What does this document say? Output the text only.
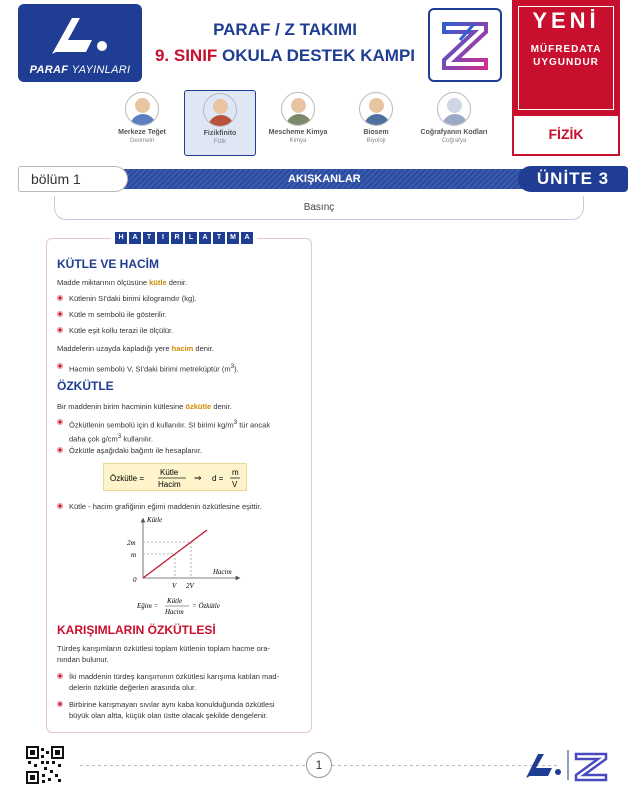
PARAF YAYINLARI
PARAF / Z TAKIMI
9. SINIF OKULA DESTEK KAMPI
YENİ
MÜFREDATA
UYGUNDUR
FİZİK
Merkeze Teğet
Geometri
Fizikfinito
Fizik
Mescheme Kimya
Kimya
Biosem
Biyoloji
Coğrafyanın Kodları
Coğrafya
bölüm 1	AKIŞKANLAR	ÜNİTE 3
Basınç
H	A	T	I	R	L	A	T	M	A
KÜTLE VE HACİM
Madde miktarının ölçüsüne kütle denir.
Kütlenin SI'daki birimi kilogramdır (kg).
Kütle m sembolü ile gösterilir.
Kütle eşit kollu terazi ile ölçülür.
Maddelerin uzayda kapladığı yere hacim denir.
Hacmin sembolü V, SI'daki birimi metreküptür $(m^3)$.
ÖZKÜTLE
Bir maddenin birim hacminin kütlesine özkütle denir.
Özkütlenin sembolü için d kullanılır. SI birimi $kg/m^3$ tür ancak
daha çok $g/cm^3$ kullanılır.
Özkütle aşağıdaki bağıntı ile hesaplanır.
Özkütle =
Kütle
Hacim
⇒ d =
m
V
Kütle - hacim grafiğinin eğimi maddenin özkütlesine eşittir.
Kütle
Hacim
2m
m
0
V 2V
Eğim =
Kütle
Hacim
= Özkütle
KARIŞIMLARIN ÖZKÜTLESİ
Türdeş karışımların özkütlesi toplam kütlenin toplam hacme ora-
nından bulunur.
İki maddenin türdeş karışımının özkütlesi karışıma katılan mad-
delerin özkütle değerleri arasında olur.
Birbirine karışmayan sıvılar aynı kaba konulduğunda özkütlesi
büyük olan altta, küçük olan üstte olacak şekilde dengelenir.
1
